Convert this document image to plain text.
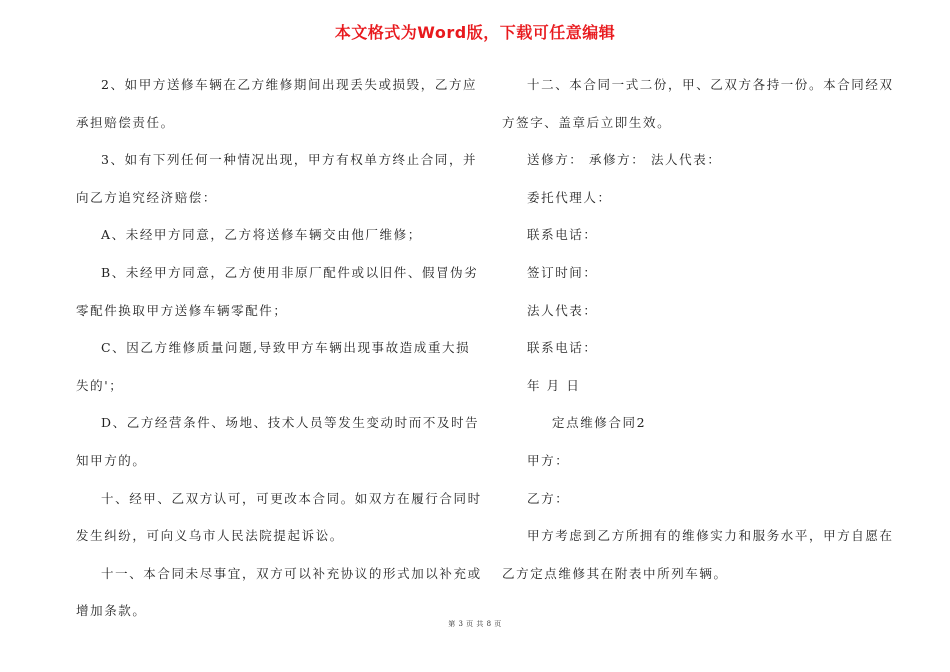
本文格式为Word版，下载可任意编辑

2、如甲方送修车辆在乙方维修期间出现丢失或损毁，乙方应承担赔偿责任。

3、如有下列任何一种情况出现，甲方有权单方终止合同，并向乙方追究经济赔偿：

A、未经甲方同意，乙方将送修车辆交由他厂维修；

B、未经甲方同意，乙方使用非原厂配件或以旧件、假冒伪劣零配件换取甲方送修车辆零配件；

C、因乙方维修质量问题,导致甲方车辆出现事故造成重大损失的'；

D、乙方经营条件、场地、技术人员等发生变动时而不及时告知甲方的。

十、经甲、乙双方认可，可更改本合同。如双方在履行合同时发生纠纷，可向义乌市人民法院提起诉讼。

十一、本合同未尽事宜，双方可以补充协议的形式加以补充或增加条款。

十二、本合同一式二份，甲、乙双方各持一份。本合同经双方签字、盖章后立即生效。

送修方： 承修方： 法人代表：

委托代理人：

联系电话：

签订时间：

法人代表：

联系电话：

年 月 日

定点维修合同2

甲方：

乙方：

甲方考虑到乙方所拥有的维修实力和服务水平，甲方自愿在乙方定点维修其在附表中所列车辆。

第 3 页 共 8 页
